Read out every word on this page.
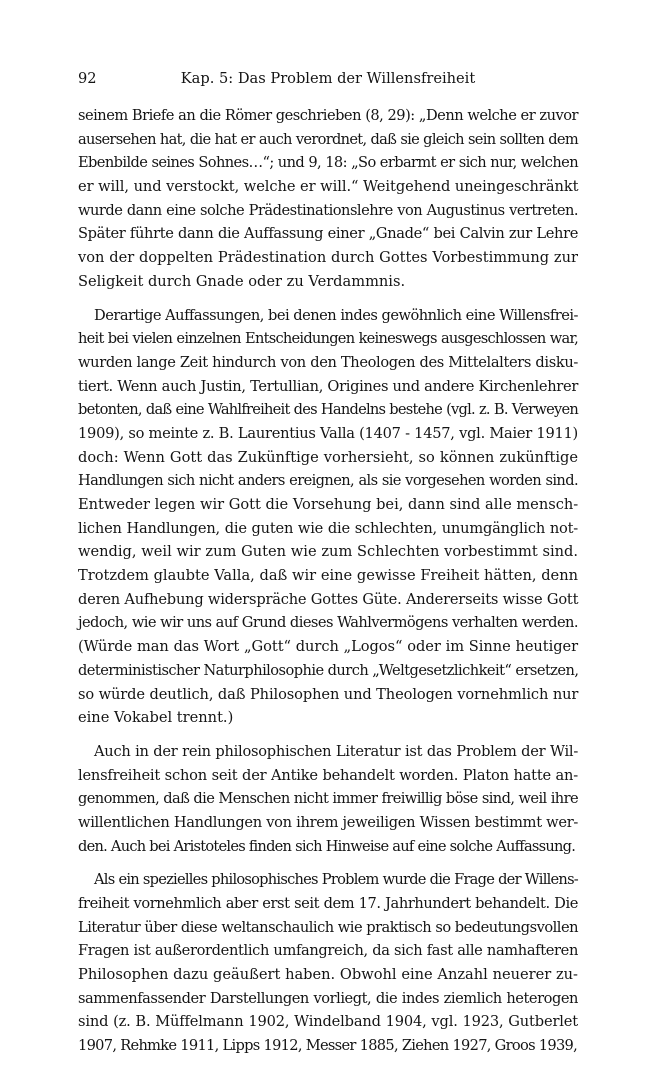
92	Kap. 5: Das Problem der Willensfreiheit
seinem Briefe an die Römer geschrieben (8, 29): „Denn welche er zuvor
ausersehen hat, die hat er auch verordnet, daß sie gleich sein sollten dem
Ebenbilde seines Sohnes…“; und 9, 18: „So erbarmt er sich nur, welchen
er will, und verstockt, welche er will.“ Weitgehend uneingeschränkt
wurde dann eine solche Prädestinationslehre von Augustinus vertreten.
Später führte dann die Auffassung einer „Gnade“ bei Calvin zur Lehre
von der doppelten Prädestination durch Gottes Vorbestimmung zur
Seligkeit durch Gnade oder zu Verdammnis.
Derartige Auffassungen, bei denen indes gewöhnlich eine Willensfrei-
heit bei vielen einzelnen Entscheidungen keineswegs ausgeschlossen war,
wurden lange Zeit hindurch von den Theologen des Mittelalters disku-
tiert. Wenn auch Justin, Tertullian, Origines und andere Kirchenlehrer
betonten, daß eine Wahlfreiheit des Handelns bestehe (vgl. z. B. Verweyen
1909), so meinte z. B. Laurentius Valla (1407 - 1457, vgl. Maier 1911)
doch: Wenn Gott das Zukünftige vorhersieht, so können zukünftige
Handlungen sich nicht anders ereignen, als sie vorgesehen worden sind.
Entweder legen wir Gott die Vorsehung bei, dann sind alle mensch-
lichen Handlungen, die guten wie die schlechten, unumgänglich not-
wendig, weil wir zum Guten wie zum Schlechten vorbestimmt sind.
Trotzdem glaubte Valla, daß wir eine gewisse Freiheit hätten, denn
deren Aufhebung widerspräche Gottes Güte. Andererseits wisse Gott
jedoch, wie wir uns auf Grund dieses Wahlvermögens verhalten werden.
(Würde man das Wort „Gott“ durch „Logos“ oder im Sinne heutiger
deterministischer Naturphilosophie durch „Weltgesetzlichkeit“ ersetzen,
so würde deutlich, daß Philosophen und Theologen vornehmlich nur
eine Vokabel trennt.)
Auch in der rein philosophischen Literatur ist das Problem der Wil-
lensfreiheit schon seit der Antike behandelt worden. Platon hatte an-
genommen, daß die Menschen nicht immer freiwillig böse sind, weil ihre
willentlichen Handlungen von ihrem jeweiligen Wissen bestimmt wer-
den. Auch bei Aristoteles finden sich Hinweise auf eine solche Auffassung.
Als ein spezielles philosophisches Problem wurde die Frage der Willens-
freiheit vornehmlich aber erst seit dem 17. Jahrhundert behandelt. Die
Literatur über diese weltanschaulich wie praktisch so bedeutungsvollen
Fragen ist außerordentlich umfangreich, da sich fast alle namhafteren
Philosophen dazu geäußert haben. Obwohl eine Anzahl neuerer zu-
sammenfassender Darstellungen vorliegt, die indes ziemlich heterogen
sind (z. B. Müffelmann 1902, Windelband 1904, vgl. 1923, Gutberlet
1907, Rehmke 1911, Lipps 1912, Messer 1885, Ziehen 1927, Groos 1939,
